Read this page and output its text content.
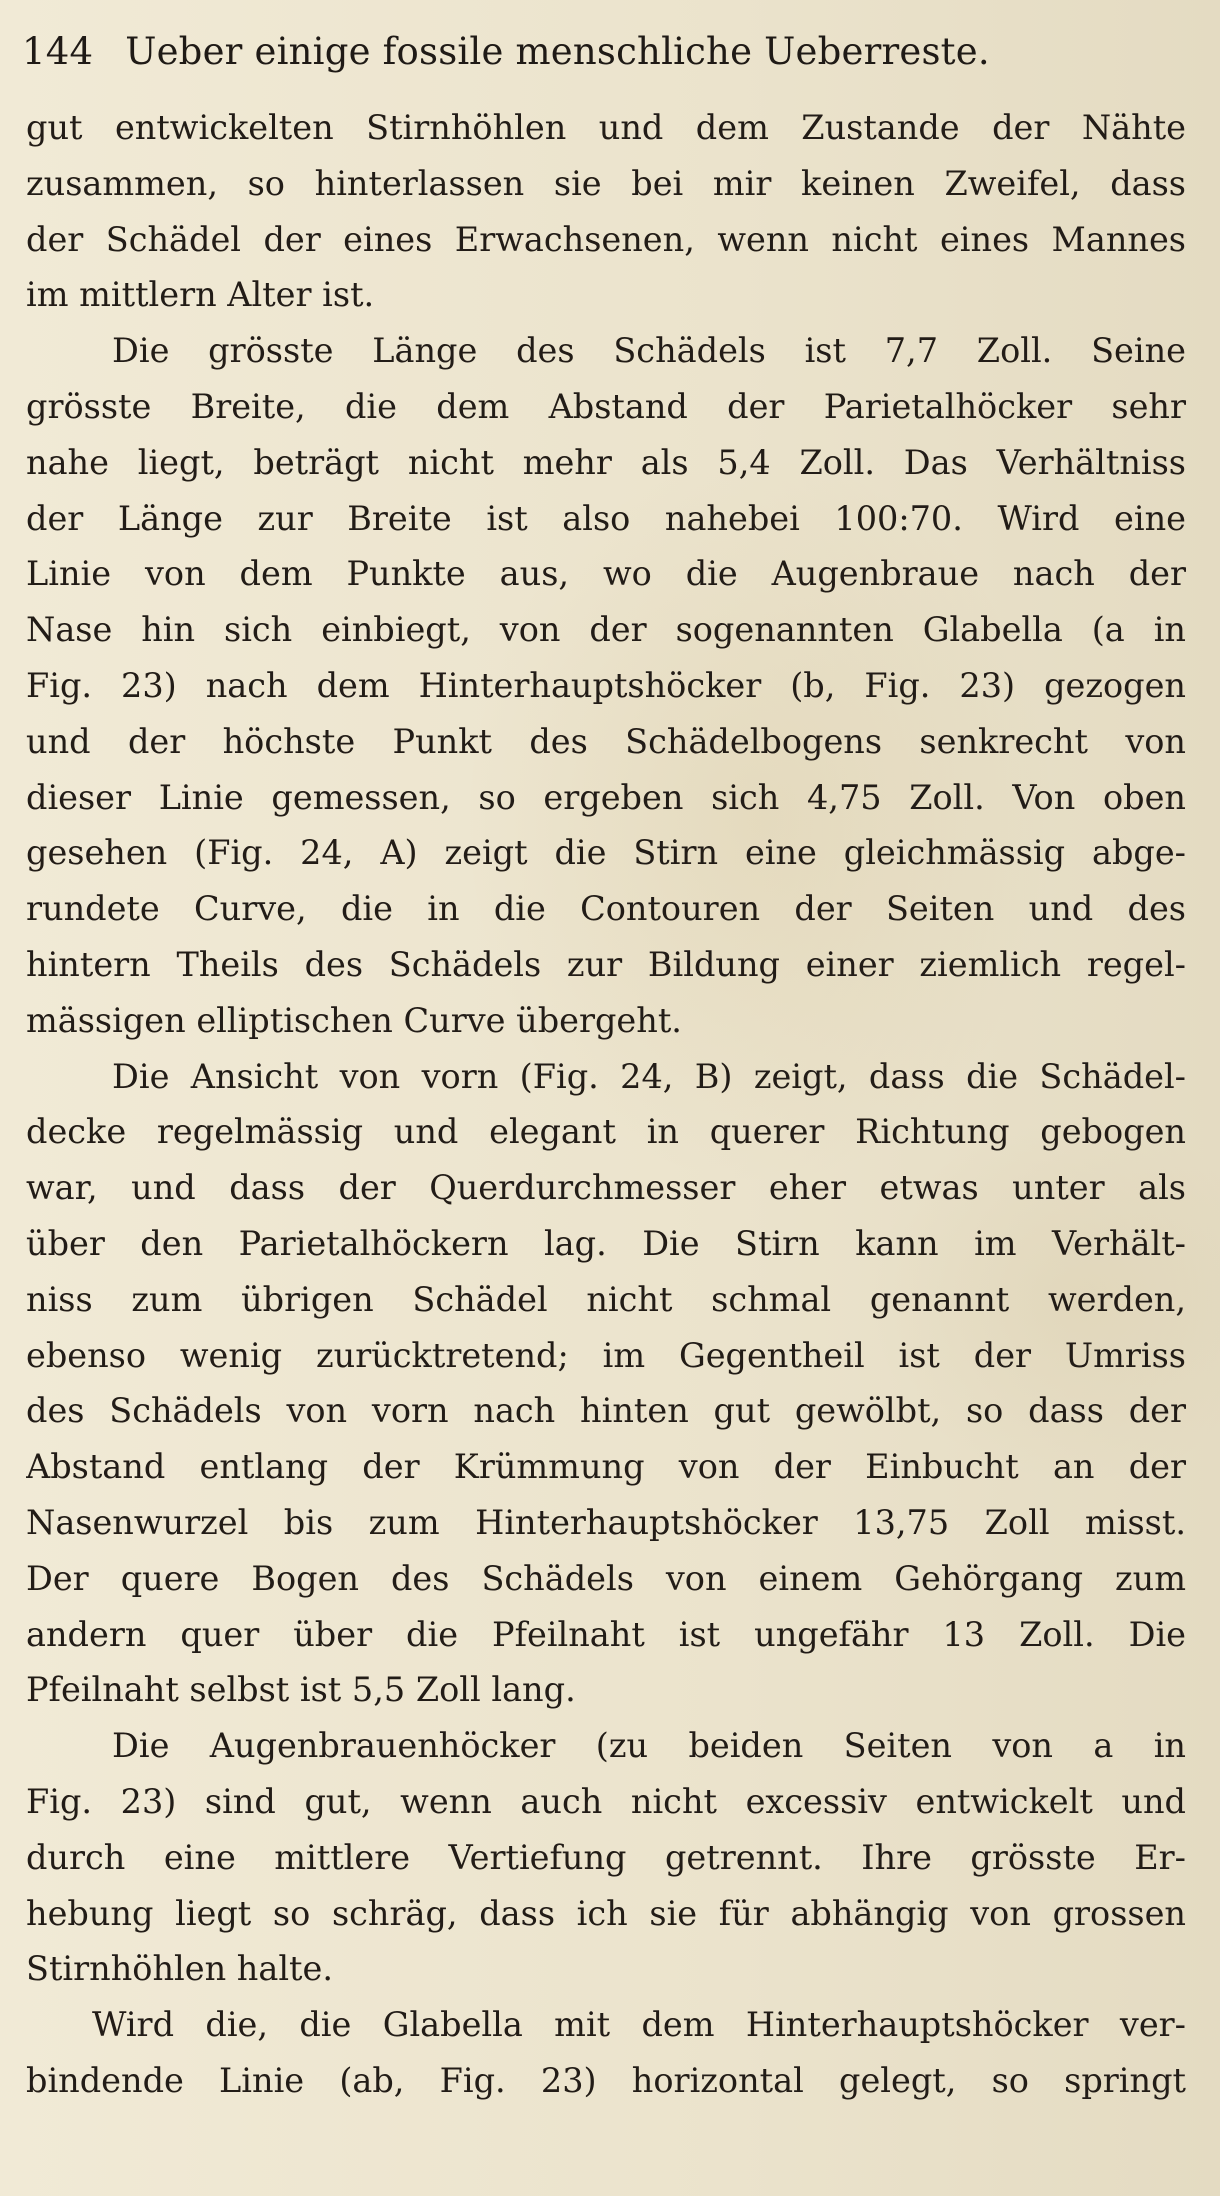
144 Ueber einige fossile menschliche Ueberreste.
gut entwickelten Stirnhöhlen und dem Zustande der Nähte
zusammen, so hinterlassen sie bei mir keinen Zweifel, dass
der Schädel der eines Erwachsenen, wenn nicht eines Mannes
im mittlern Alter ist.
Die grösste Länge des Schädels ist 7,7 Zoll. Seine
grösste Breite, die dem Abstand der Parietalhöcker sehr
nahe liegt, beträgt nicht mehr als 5,4 Zoll. Das Verhältniss
der Länge zur Breite ist also nahebei 100:70. Wird eine
Linie von dem Punkte aus, wo die Augenbraue nach der
Nase hin sich einbiegt, von der sogenannten Glabella (a in
Fig. 23) nach dem Hinterhauptshöcker (b, Fig. 23) gezogen
und der höchste Punkt des Schädelbogens senkrecht von
dieser Linie gemessen, so ergeben sich 4,75 Zoll. Von oben
gesehen (Fig. 24, A) zeigt die Stirn eine gleichmässig abge-
rundete Curve, die in die Contouren der Seiten und des
hintern Theils des Schädels zur Bildung einer ziemlich regel-
mässigen elliptischen Curve übergeht.
Die Ansicht von vorn (Fig. 24, B) zeigt, dass die Schädel-
decke regelmässig und elegant in querer Richtung gebogen
war, und dass der Querdurchmesser eher etwas unter als
über den Parietalhöckern lag. Die Stirn kann im Verhält-
niss zum übrigen Schädel nicht schmal genannt werden,
ebenso wenig zurücktretend; im Gegentheil ist der Umriss
des Schädels von vorn nach hinten gut gewölbt, so dass der
Abstand entlang der Krümmung von der Einbucht an der
Nasenwurzel bis zum Hinterhauptshöcker 13,75 Zoll misst.
Der quere Bogen des Schädels von einem Gehörgang zum
andern quer über die Pfeilnaht ist ungefähr 13 Zoll. Die
Pfeilnaht selbst ist 5,5 Zoll lang.
Die Augenbrauenhöcker (zu beiden Seiten von a in
Fig. 23) sind gut, wenn auch nicht excessiv entwickelt und
durch eine mittlere Vertiefung getrennt. Ihre grösste Er-
hebung liegt so schräg, dass ich sie für abhängig von grossen
Stirnhöhlen halte.
Wird die, die Glabella mit dem Hinterhauptshöcker ver-
bindende Linie (ab, Fig. 23) horizontal gelegt, so springt
